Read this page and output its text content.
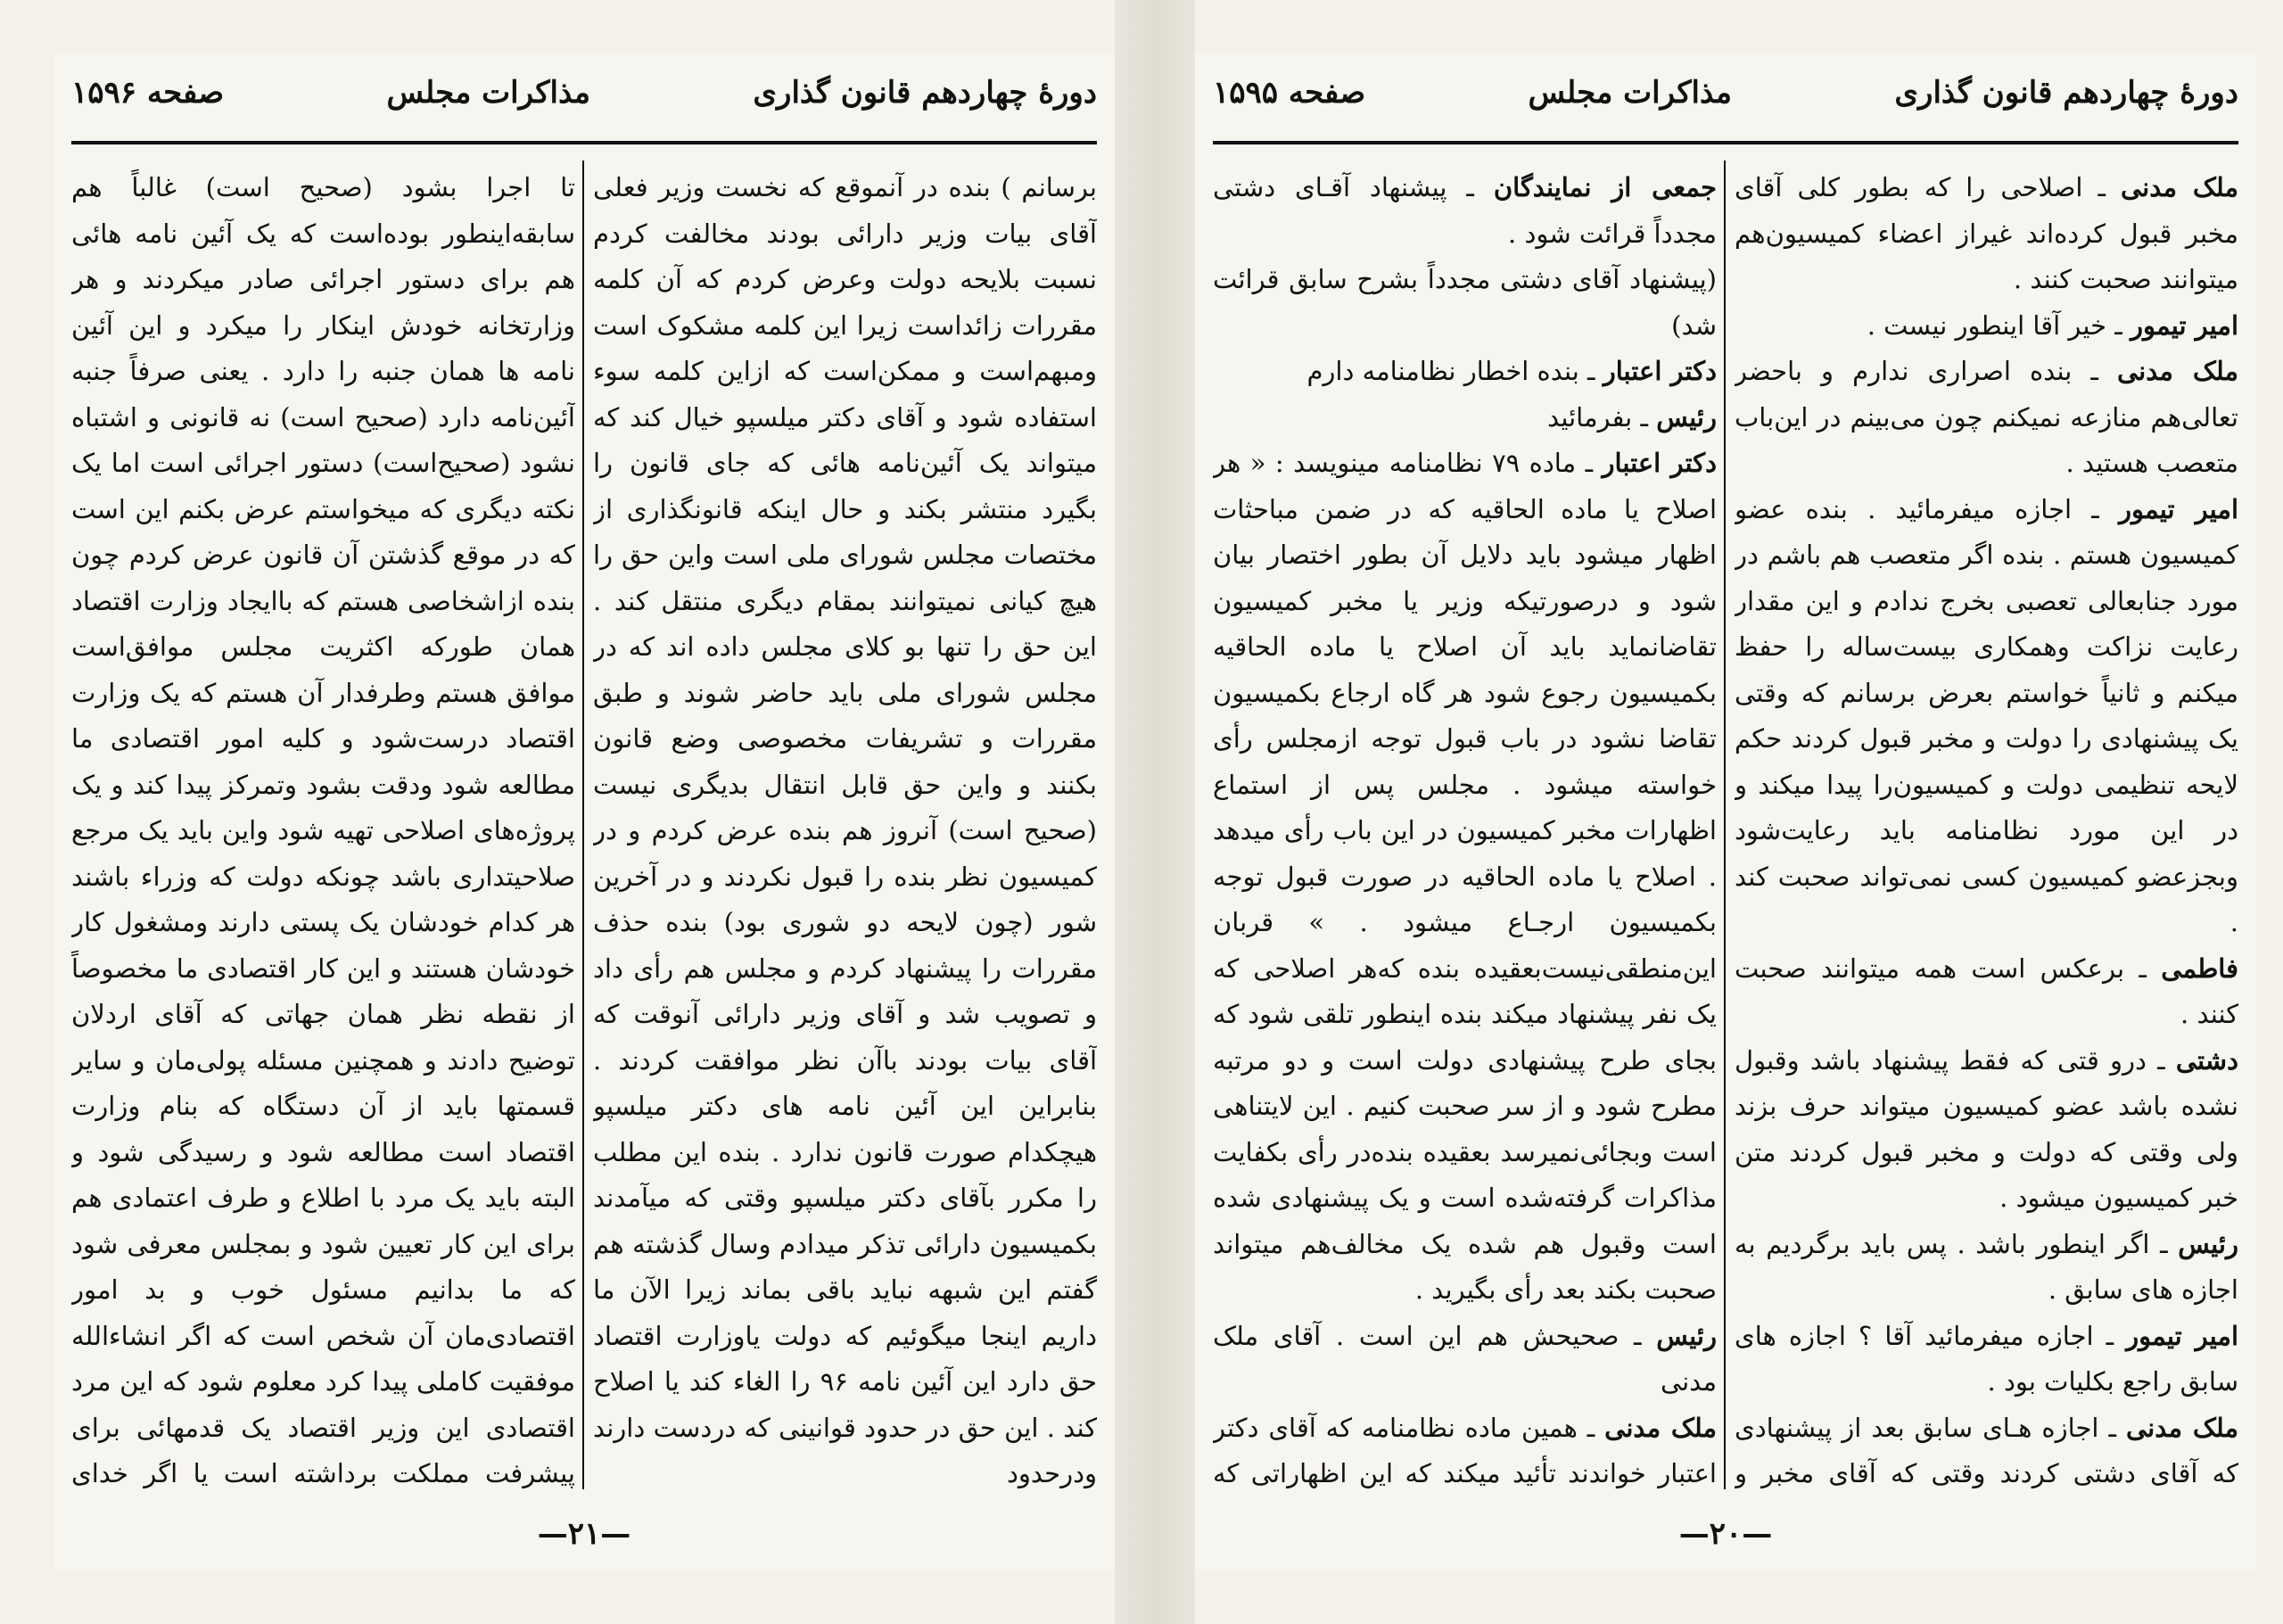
دورۀ چهاردهم قانون گذاری
مذاکرات مجلس
صفحه ۱۵۹۶

برسانم ) بنده در آنموقع که نخست وزیر فعلی آقای بیات وزیر دارائی بودند مخالفت کردم نسبت بلایحه دولت وعرض کردم که آن کلمه مقررات زائداست زیرا این کلمه مشکوک است ومبهم‌است و ممکن‌است که ازاین کلمه سوء استفاده شود و آقای دکتر میلسپو خیال کند که میتواند یک آئین‌نامه هائی که جای قانون را بگیرد منتشر بکند و حال اینکه قانونگذاری از مختصات مجلس شورای ملی است واین حق را هیچ کیانی نمیتوانند بمقام دیگری منتقل کند . این حق را تنها بو کلای مجلس داده اند که در مجلس شورای ملی باید حاضر شوند و طبق مقررات و تشریفات مخصوصی وضع قانون بکنند و واین حق قابل انتقال بدیگری نیست (صحیح است) آنروز هم بنده عرض کردم و در کمیسیون نظر بنده را قبول نکردند و در آخرین شور (چون لایحه دو شوری بود) بنده حذف مقررات را پیشنهاد کردم و مجلس هم رأی داد و تصویب شد و آقای وزیر دارائی آنوقت که آقای بیات بودند باآن نظر موافقت کردند . بنابراین این آئین نامه های دکتر میلسپو هیچکدام صورت قانون ندارد . بنده این مطلب را مکرر بآقای دکتر میلسپو وقتی که میآمدند بکمیسیون دارائی تذکر میدادم وسال گذشته هم گفتم این شبهه نباید باقی بماند زیرا الآن ما داریم اینجا میگوئیم که دولت یاوزارت اقتصاد حق دارد این آئین نامه ۹۶ را الغاء کند یا اصلاح کند . این حق در حدود قوانینی که دردست دارند ودرحدود

تا اجرا بشود (صحیح است) غالباً هم سابقه‌اینطور بوده‌است که یک آئین نامه هائی هم برای دستور اجرائی صادر میکردند و هر وزارتخانه خودش اینکار را میکرد و این آئین نامه ها همان جنبه را دارد . یعنی صرفاً جنبه آئین‌نامه دارد (صحیح است) نه قانونی و اشتباه نشود (صحیح‌است) دستور اجرائی است اما یک نکته دیگری که میخواستم عرض بکنم این است که در موقع گذشتن آن قانون عرض کردم چون بنده ازاشخاصی هستم که باایجاد وزارت اقتصاد همان طورکه اکثریت مجلس موافق‌است موافق هستم وطرفدار آن هستم که یک وزارت اقتصاد درست‌شود و کلیه امور اقتصادی ما مطالعه شود ودقت بشود وتمرکز پیدا کند و یک پروژه‌های اصلاحی تهیه شود واین باید یک مرجع صلاحیتداری باشد چونکه دولت که وزراء باشند هر کدام خودشان یک پستی دارند ومشغول کار خودشان هستند و این کار اقتصادی ما مخصوصاً از نقطه نظر همان جهاتی که آقای اردلان توضیح دادند و همچنین مسئله پولی‌مان و سایر قسمتها باید از آن دستگاه که بنام وزارت اقتصاد است مطالعه شود و رسیدگی شود و البته باید یک مرد با اطلاع و طرف اعتمادی هم برای این کار تعیین شود و بمجلس معرفی شود که ما بدانیم مسئول خوب و بد امور اقتصادی‌مان آن شخص است که اگر انشاءالله موفقیت کاملی پیدا کرد معلوم شود که این مرد اقتصادی این وزیر اقتصاد یک قدمهائی برای پیشرفت مملکت برداشته است یا اگر خدای

—۲۱—
دورۀ چهاردهم قانون گذاری
مذاکرات مجلس
صفحه ۱۵۹۵

ملک مدنی ـ اصلاحی را که بطور کلی آقای مخبر قبول کرده‌اند غیراز اعضاء کمیسیون‌هم میتوانند صحبت کنند .

امیر تیمور ـ خیر آقا اینطور نیست .

ملک مدنی ـ بنده اصراری ندارم و باحضر تعالی‌هم منازعه نمیکنم چون می‌بینم در این‌باب متعصب هستید .

امیر تیمور ـ اجازه میفرمائید . بنده عضو کمیسیون هستم . بنده اگر متعصب هم باشم در مورد جنابعالی تعصبی بخرج ندادم و این مقدار رعایت نزاکت وهمکاری بیست‌ساله را حفظ میکنم و ثانیاً خواستم بعرض برسانم که وقتی یک پیشنهادی را دولت و مخبر قبول کردند حکم لایحه تنظیمی دولت و کمیسیون‌را پیدا میکند و در این مورد نظامنامه باید رعایت‌شود وبجزعضو کمیسیون کسی نمی‌تواند صحبت کند .

فاطمی ـ برعکس است همه میتوانند صحبت کنند .

دشتی ـ درو قتی که فقط پیشنهاد باشد وقبول نشده باشد عضو کمیسیون میتواند حرف بزند ولی وقتی که دولت و مخبر قبول کردند متن خبر کمیسیون میشود .

رئیس ـ اگر اینطور باشد . پس باید برگردیم به اجازه های سابق .

امیر تیمور ـ اجازه میفرمائید آقا ؟ اجازه های سابق راجع بکلیات بود .

ملک مدنی ـ اجازه هـای سابق بعد از پیشنهادی که آقای دشتی کردند وقتی که آقای مخبر و

جمعی از نمایندگان ـ پیشنهاد آقـای دشتی مجدداً قرائت شود .

(پیشنهاد آقای دشتی مجدداً بشرح سابق قرائت شد)

دکتر اعتبار ـ بنده اخطار نظامنامه دارم

رئیس ـ بفرمائید

دکتر اعتبار ـ ماده ۷۹ نظامنامه مینویسد : « هر اصلاح یا ماده الحاقیه که در ضمن مباحثات اظهار میشود باید دلایل آن بطور اختصار بیان شود و درصورتیکه وزیر یا مخبر کمیسیون تقاضانماید باید آن اصلاح یا ماده الحاقیه بکمیسیون رجوع شود هر گاه ارجاع بکمیسیون تقاضا نشود در باب قبول توجه ازمجلس رأی خواسته میشود . مجلس پس از استماع اظهارات مخبر کمیسیون در این باب رأی میدهد . اصلاح یا ماده الحاقیه در صورت قبول توجه بکمیسیون ارجـاع میشود . » قربان این‌منطقی‌نیست‌بعقیده بنده که‌هر اصلاحی که یک نفر پیشنهاد میکند بنده اینطور تلقی شود که بجای طرح پیشنهادی دولت است و دو مرتبه مطرح شود و از سر صحبت کنیم . این لایتناهی است وبجائی‌نمیرسد بعقیده بنده‌در رأی بکفایت مذاکرات گرفته‌شده است و یک پیشنهادی شده است وقبول هم شده یک مخالف‌هم میتواند صحبت بکند بعد رأی بگیرید .

رئیس ـ صحیحش هم این است . آقای ملک مدنی

ملک مدنی ـ همین ماده نظامنامه که آقای دکتر اعتبار خواندند تأئید میکند که این اظهاراتی که

—۲۰—
